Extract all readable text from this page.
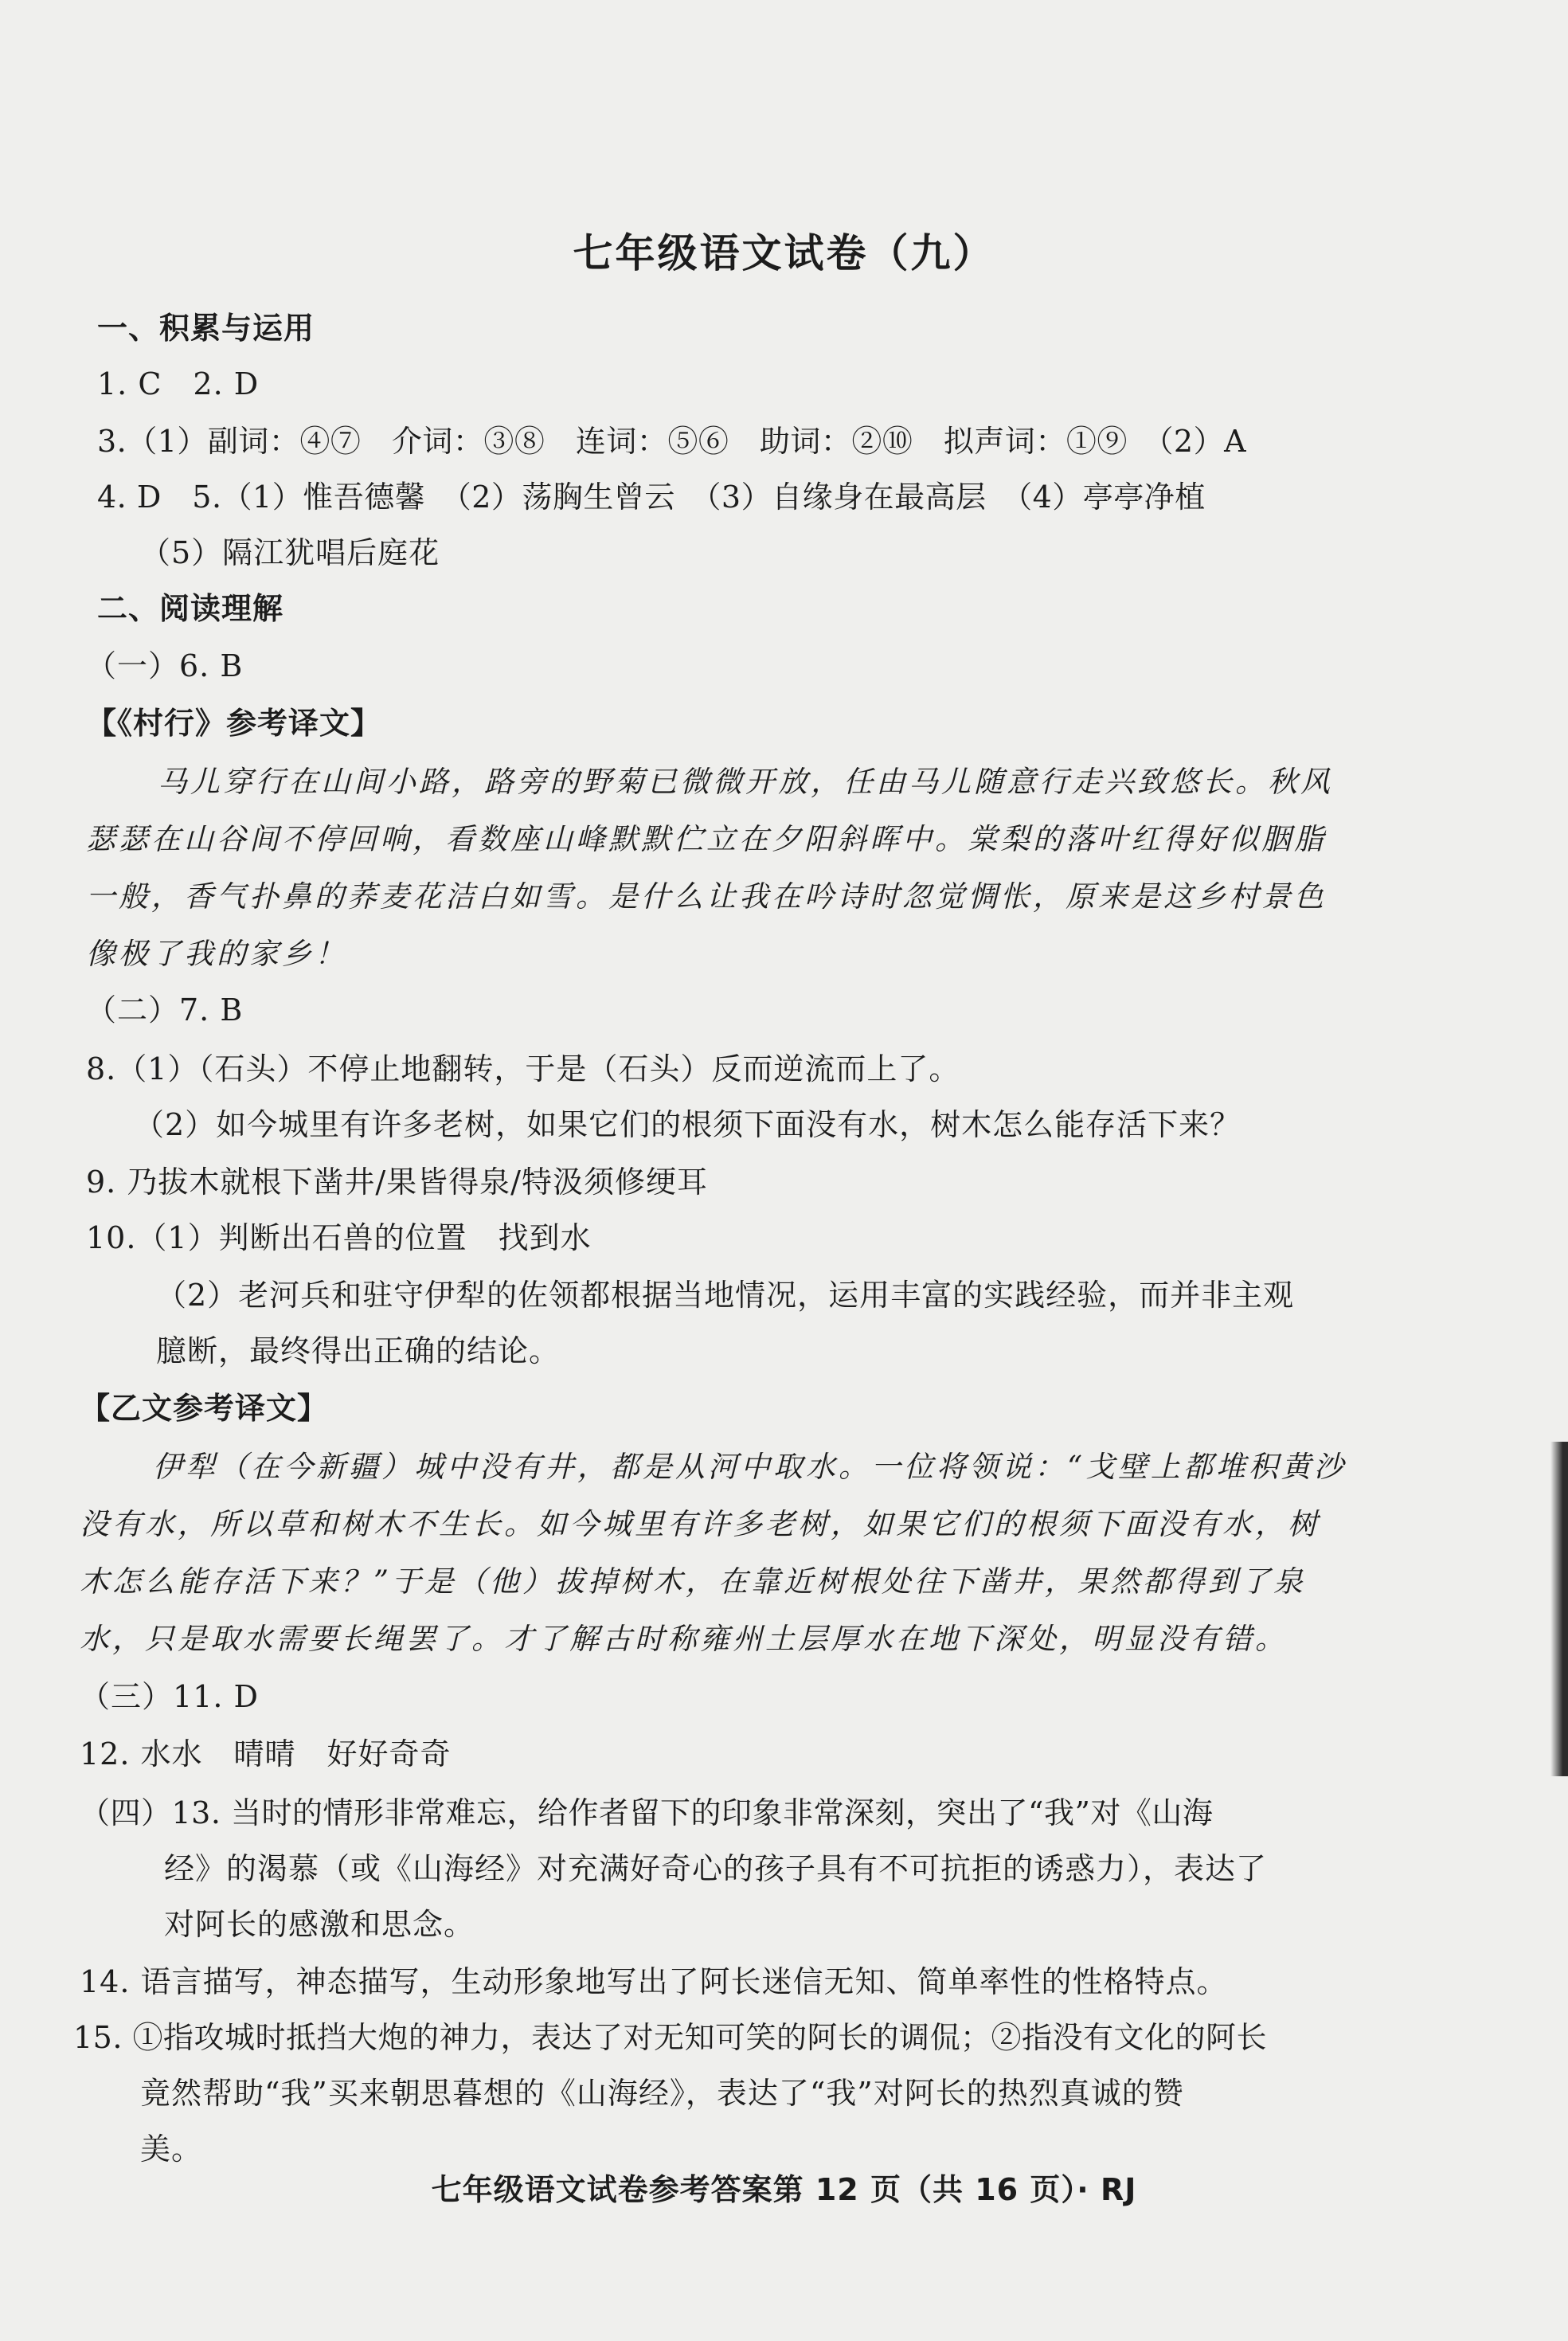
七年级语文试卷（九）
一、积累与运用
1. C　2. D
3.（1）副词：④⑦　介词：③⑧　连词：⑤⑥　助词：②⑩　拟声词：①⑨　（2）A
4. D　5.（1）惟吾德馨　（2）荡胸生曾云　（3）自缘身在最高层　（4）亭亭净植
（5）隔江犹唱后庭花
二、阅读理解
（一）6. B
【《村行》参考译文】
马儿穿行在山间小路，路旁的野菊已微微开放，任由马儿随意行走兴致悠长。秋风
瑟瑟在山谷间不停回响，看数座山峰默默伫立在夕阳斜晖中。棠梨的落叶红得好似胭脂
一般，香气扑鼻的荞麦花洁白如雪。是什么让我在吟诗时忽觉惆怅，原来是这乡村景色
像极了我的家乡！
（二）7. B
8.（1）（石头）不停止地翻转，于是（石头）反而逆流而上了。
（2）如今城里有许多老树，如果它们的根须下面没有水，树木怎么能存活下来？
9. 乃拔木就根下凿井/果皆得泉/特汲须修绠耳
10.（1）判断出石兽的位置　找到水
（2）老河兵和驻守伊犁的佐领都根据当地情况，运用丰富的实践经验，而并非主观
臆断，最终得出正确的结论。
【乙文参考译文】
伊犁（在今新疆）城中没有井，都是从河中取水。一位将领说：“戈壁上都堆积黄沙
没有水，所以草和树木不生长。如今城里有许多老树，如果它们的根须下面没有水，树
木怎么能存活下来？”于是（他）拔掉树木，在靠近树根处往下凿井，果然都得到了泉
水，只是取水需要长绳罢了。才了解古时称雍州土层厚水在地下深处，明显没有错。
（三）11. D
12. 水水　晴晴　好好奇奇
（四）13. 当时的情形非常难忘，给作者留下的印象非常深刻，突出了“我”对《山海
经》的渴慕（或《山海经》对充满好奇心的孩子具有不可抗拒的诱惑力），表达了
对阿长的感激和思念。
14. 语言描写，神态描写，生动形象地写出了阿长迷信无知、简单率性的性格特点。
15. ①指攻城时抵挡大炮的神力，表达了对无知可笑的阿长的调侃；②指没有文化的阿长
竟然帮助“我”买来朝思暮想的《山海经》，表达了“我”对阿长的热烈真诚的赞
美。
七年级语文试卷参考答案第 12 页（共 16 页）· RJ
